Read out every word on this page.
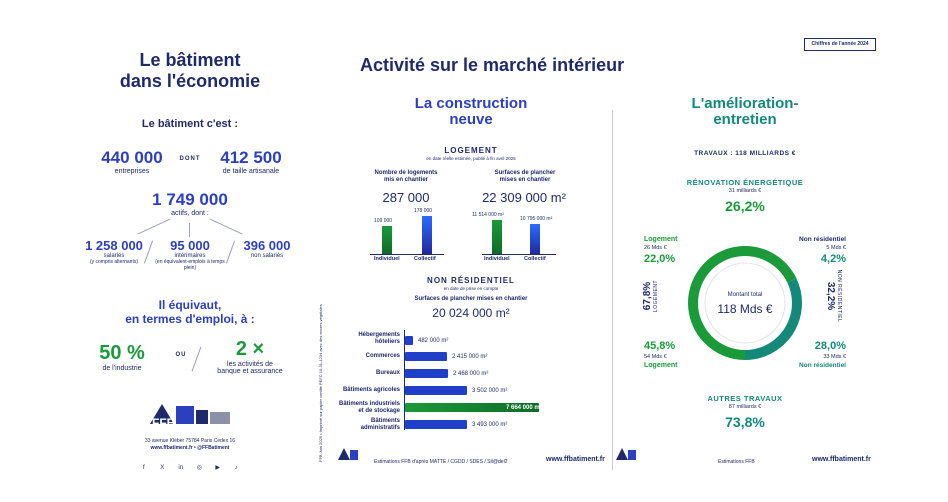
Le bâtiment
dans l'économie
Le bâtiment c'est :
440 000
entreprises
DONT	412 500
de taille artisanale
1 749 000
actifs, dont :
1 258 000
salariés
(y compris alternants)
95 000
intérimaires
(en équivalent-emplois à temps plein)
396 000
non salariés
Il équivaut,
en termes d'emploi, à :
50 %
de l'industrie
OU	2 ×
les activités de
banque et assurance
FFB
33 avenue Kléber 75784 Paris Cedex 16
www.ffbatiment.fr • @FFBatiment
f	X in ◎ ▶ ♪
FFB Juin 2025 • Imprimé sur papier certifié PEFC 10-31-1234 avec des encres végétales
Activité sur le marché intérieur
Chiffres de l'année 2024
La construction
neuve
LOGEMENT
en date réelle estimée, publié à fin avril 2025
Nombre de logements
mis en chantier
287 000
Surfaces de plancher
mises en chantier
22 309 000 m²
109 000
178 000
Individuel	Collectif
11 514 000 m²
10 795 000 m²
Individuel	Collectif
NON RÉSIDENTIEL
en date de prise en compte
Surfaces de plancher mises en chantier
20 024 000 m²
Hébergements hôteliers	482 000 m²
Commerces	2 415 000 m²
Bureaux	2 468 000 m²
Bâtiments agricoles	3 502 000 m²
Bâtiments industriels et de stockage	7 664 000 m²
Bâtiments administratifs	3 493 000 m²
Estimations FFB d'après MATTE / CGDD / SDES / Sit@del2	www.ffbatiment.fr
L'amélioration-
entretien
TRAVAUX : 118 MILLIARDS €
RÉNOVATION ÉNERGÉTIQUE
31 milliards €
26,2%
Logement
26 Mds €
22,0%
Non résidentiel
5 Mds €
4,2%
67,8% LOGEMENT	NON RÉSIDENTIEL
32,2%
Montant total
118 Mds €
45,8%
54 Mds €
Logement
28,0%
33 Mds €
Non résidentiel
AUTRES TRAVAUX
87 milliards €
73,8%
Estimations FFB	www.ffbatiment.fr
